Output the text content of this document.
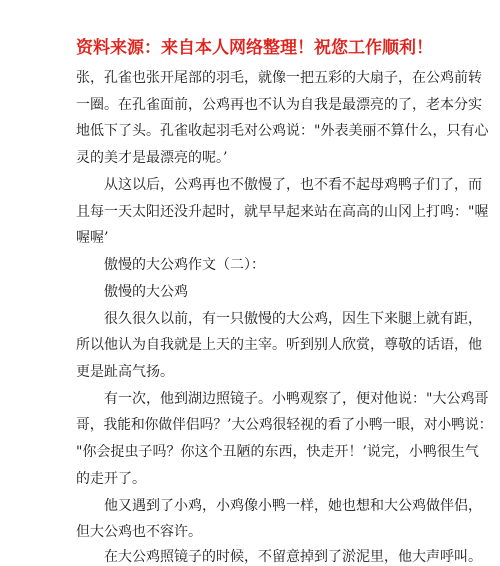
资料来源：来自本人网络整理！祝您工作顺利！
张，孔雀也张开尾部的羽毛，就像一把五彩的大扇子，在公鸡前转
一圈。在孔雀面前，公鸡再也不认为自我是最漂亮的了，老本分实
地低下了头。孔雀收起羽毛对公鸡说："外表美丽不算什么，只有心
灵的美才是最漂亮的呢。’
从这以后，公鸡再也不傲慢了，也不看不起母鸡鸭子们了，而
且每一天太阳还没升起时，就早早起来站在高高的山冈上打鸣："喔
喔喔’
傲慢的大公鸡作文（二）：
傲慢的大公鸡
很久很久以前，有一只傲慢的大公鸡，因生下来腿上就有距，
所以他认为自我就是上天的主宰。听到别人欣赏，尊敬的话语，他
更是趾高气扬。
有一次，他到湖边照镜子。小鸭观察了，便对他说："大公鸡哥
哥，我能和你做伴侣吗？’大公鸡很轻视的看了小鸭一眼，对小鸭说：
"你会捉虫子吗？你这个丑陋的东西，快走开！’说完，小鸭很生气
的走开了。
他又遇到了小鸡，小鸡像小鸭一样，她也想和大公鸡做伴侣，
但大公鸡也不容许。
在大公鸡照镜子的时候，不留意掉到了淤泥里，他大声呼叫。
